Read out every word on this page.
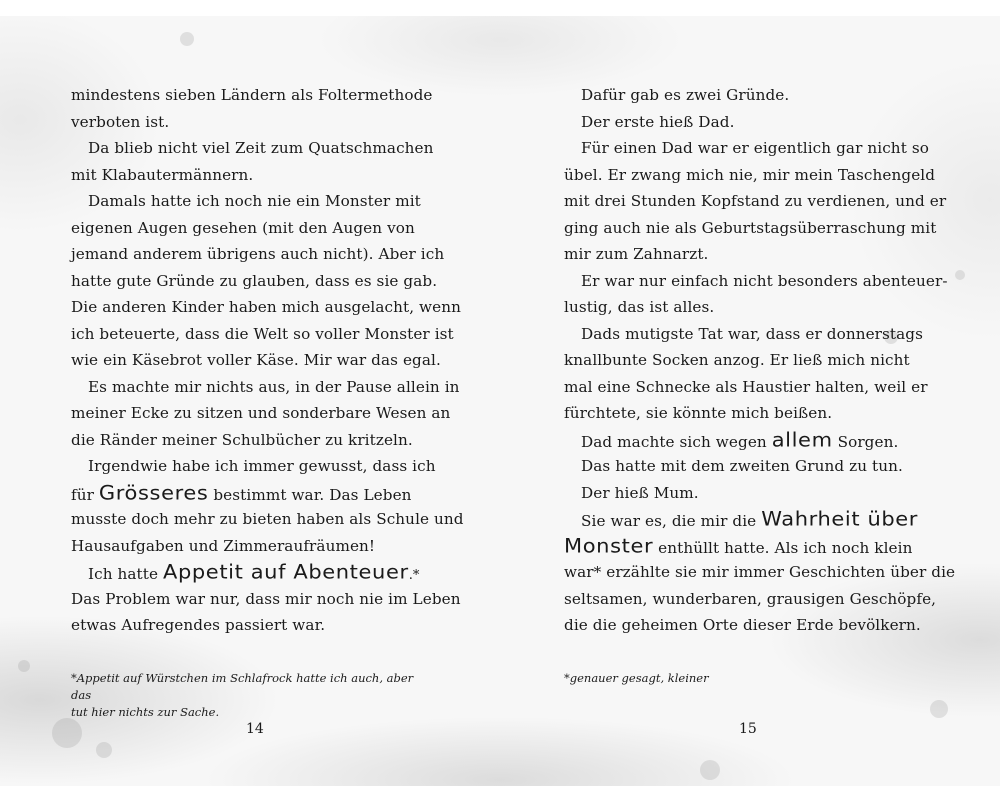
mindestens sieben Ländern als Foltermethode
verboten ist.
Da blieb nicht viel Zeit zum Quatschmachen
mit Klabautermännern.
Damals hatte ich noch nie ein Monster mit
eigenen Augen gesehen (mit den Augen von
jemand anderem übrigens auch nicht). Aber ich
hatte gute Gründe zu glauben, dass es sie gab.
Die anderen Kinder haben mich ausgelacht, wenn
ich beteuerte, dass die Welt so voller Monster ist
wie ein Käsebrot voller Käse. Mir war das egal.
Es machte mir nichts aus, in der Pause allein in
meiner Ecke zu sitzen und sonderbare Wesen an
die Ränder meiner Schulbücher zu kritzeln.
Irgendwie habe ich immer gewusst, dass ich
für Grösseres bestimmt war. Das Leben
musste doch mehr zu bieten haben als Schule und
Hausaufgaben und Zimmeraufräumen!
Ich hatte Appetit auf Abenteuer.*
Das Problem war nur, dass mir noch nie im Leben
etwas Aufregendes passiert war.
*Appetit auf Würstchen im Schlafrock hatte ich auch, aber das
tut hier nichts zur Sache.
14
Dafür gab es zwei Gründe.
Der erste hieß Dad.
Für einen Dad war er eigentlich gar nicht so
übel. Er zwang mich nie, mir mein Taschengeld
mit drei Stunden Kopfstand zu verdienen, und er
ging auch nie als Geburtstagsüberraschung mit
mir zum Zahnarzt.
Er war nur einfach nicht besonders abenteuer-
lustig, das ist alles.
Dads mutigste Tat war, dass er donnerstags
knallbunte Socken anzog. Er ließ mich nicht
mal eine Schnecke als Haustier halten, weil er
fürchtete, sie könnte mich beißen.
Dad machte sich wegen allem Sorgen.
Das hatte mit dem zweiten Grund zu tun.
Der hieß Mum.
Sie war es, die mir die Wahrheit über
Monster enthüllt hatte. Als ich noch klein
war* erzählte sie mir immer Geschichten über die
seltsamen, wunderbaren, grausigen Geschöpfe,
die die geheimen Orte dieser Erde bevölkern.
*genauer gesagt, kleiner
15
